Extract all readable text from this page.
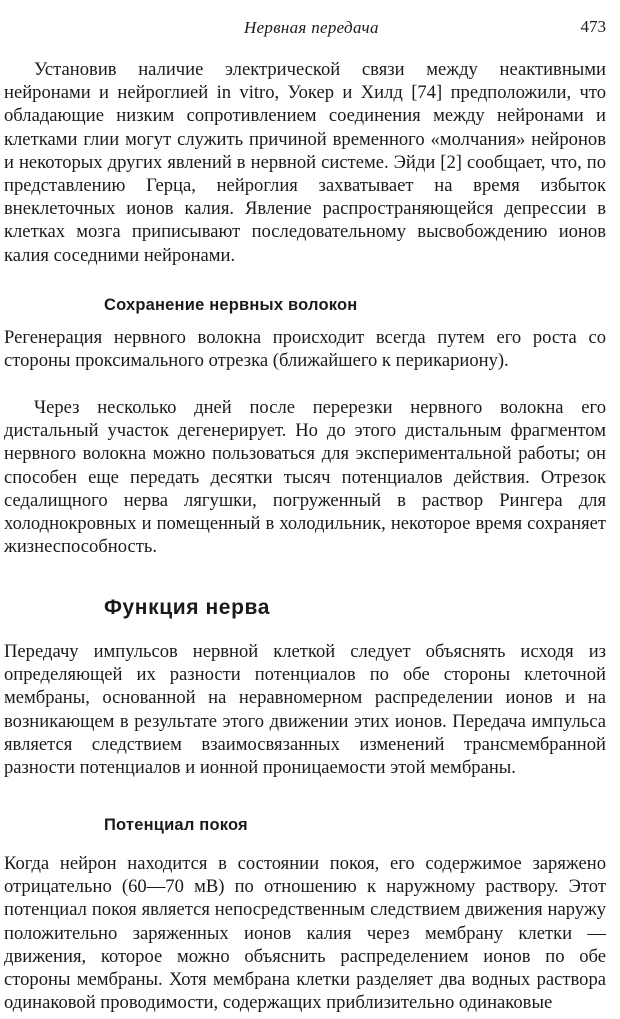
Нервная передача	473

Установив наличие электрической связи между неактивными нейронами и нейроглией in vitro, Уокер и Хилд [74] предположили, что обладающие низким сопротивлением соединения между нейронами и клетками глии могут служить причиной временного «молчания» нейронов и некоторых других явлений в нервной системе. Эйди [2] сообщает, что, по представлению Герца, нейроглия захватывает на время избыток внеклеточных ионов калия. Явление распространяющейся депрессии в клетках мозга приписывают последовательному высвобождению ионов калия соседними нейронами.

Сохранение нервных волокон

Регенерация нервного волокна происходит всегда путем его роста со стороны проксимального отрезка (ближайшего к перикариону).

Через несколько дней после перерезки нервного волокна его дистальный участок дегенерирует. Но до этого дистальным фрагментом нервного волокна можно пользоваться для экспериментальной работы; он способен еще передать десятки тысяч потенциалов действия. Отрезок седалищного нерва лягушки, погруженный в раствор Рингера для холоднокровных и помещенный в холодильник, некоторое время сохраняет жизнеспособность.

Функция нерва

Передачу импульсов нервной клеткой следует объяснять исходя из определяющей их разности потенциалов по обе стороны клеточной мембраны, основанной на неравномерном распределении ионов и на возникающем в результате этого движении этих ионов. Передача импульса является следствием взаимосвязанных изменений трансмембранной разности потенциалов и ионной проницаемости этой мембраны.

Потенциал покоя

Когда нейрон находится в состоянии покоя, его содержимое заряжено отрицательно (60—70 мВ) по отношению к наружному раствору. Этот потенциал покоя является непосредственным следствием движения наружу положительно заряженных ионов калия через мембрану клетки — движения, которое можно объяснить распределением ионов по обе стороны мембраны. Хотя мембрана клетки разделяет два водных раствора одинаковой проводимости, содержащих приблизительно одинаковые
